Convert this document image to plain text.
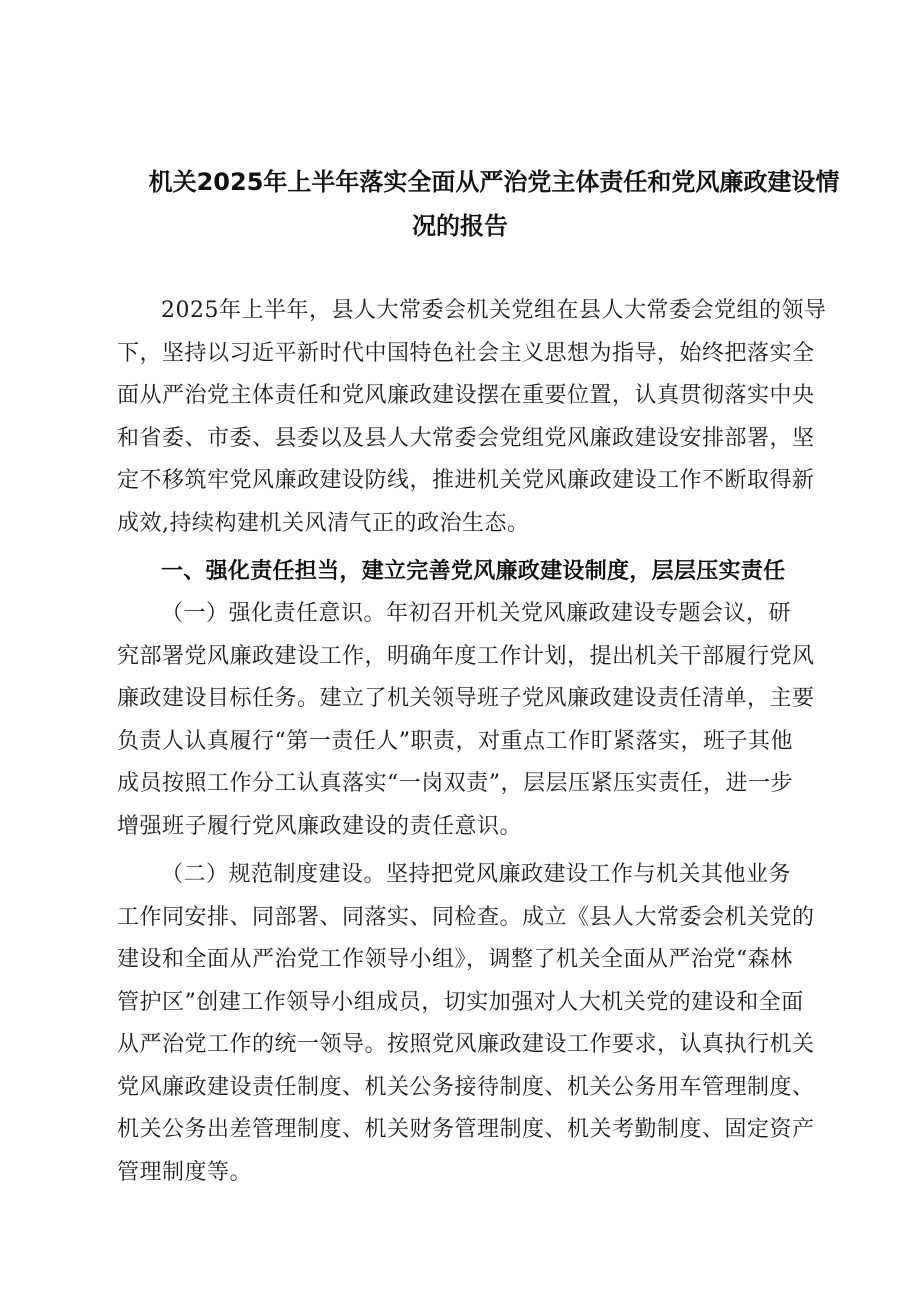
机关2025年上半年落实全面从严治党主体责任和党风廉政建设情
况的报告

2025年上半年，县人大常委会机关党组在县人大常委会党组的领导
下，坚持以习近平新时代中国特色社会主义思想为指导，始终把落实全
面从严治党主体责任和党风廉政建设摆在重要位置，认真贯彻落实中央
和省委、市委、县委以及县人大常委会党组党风廉政建设安排部署，坚
定不移筑牢党风廉政建设防线，推进机关党风廉政建设工作不断取得新
成效,持续构建机关风清气正的政治生态。

一、强化责任担当，建立完善党风廉政建设制度，层层压实责任

（一）强化责任意识。年初召开机关党风廉政建设专题会议，研
究部署党风廉政建设工作，明确年度工作计划，提出机关干部履行党风
廉政建设目标任务。建立了机关领导班子党风廉政建设责任清单，主要
负责人认真履行“第一责任人”职责，对重点工作盯紧落实，班子其他
成员按照工作分工认真落实“一岗双责”，层层压紧压实责任，进一步
增强班子履行党风廉政建设的责任意识。

（二）规范制度建设。坚持把党风廉政建设工作与机关其他业务
工作同安排、同部署、同落实、同检查。成立《县人大常委会机关党的
建设和全面从严治党工作领导小组》，调整了机关全面从严治党“森林
管护区”创建工作领导小组成员，切实加强对人大机关党的建设和全面
从严治党工作的统一领导。按照党风廉政建设工作要求，认真执行机关
党风廉政建设责任制度、机关公务接待制度、机关公务用车管理制度、
机关公务出差管理制度、机关财务管理制度、机关考勤制度、固定资产
管理制度等。
